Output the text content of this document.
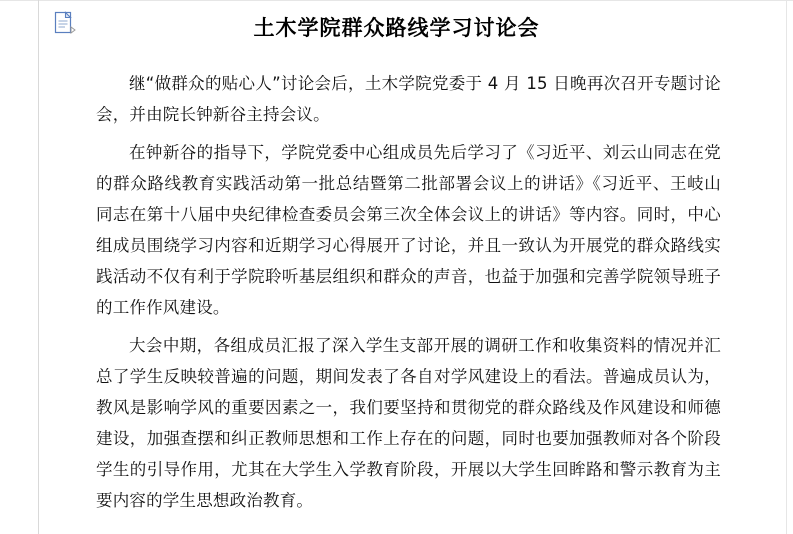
土木学院群众路线学习讨论会

继“做群众的贴心人”讨论会后，土木学院党委于 4 月 15 日晚再次召开专题讨论会，并由院长钟新谷主持会议。

在钟新谷的指导下，学院党委中心组成员先后学习了《习近平、刘云山同志在党的群众路线教育实践活动第一批总结暨第二批部署会议上的讲话》《习近平、王岐山同志在第十八届中央纪律检查委员会第三次全体会议上的讲话》等内容。同时，中心组成员围绕学习内容和近期学习心得展开了讨论，并且一致认为开展党的群众路线实践活动不仅有利于学院聆听基层组织和群众的声音，也益于加强和完善学院领导班子的工作作风建设。

大会中期，各组成员汇报了深入学生支部开展的调研工作和收集资料的情况并汇总了学生反映较普遍的问题，期间发表了各自对学风建设上的看法。普遍成员认为，教风是影响学风的重要因素之一，我们要坚持和贯彻党的群众路线及作风建设和师德建设，加强查摆和纠正教师思想和工作上存在的问题，同时也要加强教师对各个阶段学生的引导作用，尤其在大学生入学教育阶段，开展以大学生回眸路和警示教育为主要内容的学生思想政治教育。
